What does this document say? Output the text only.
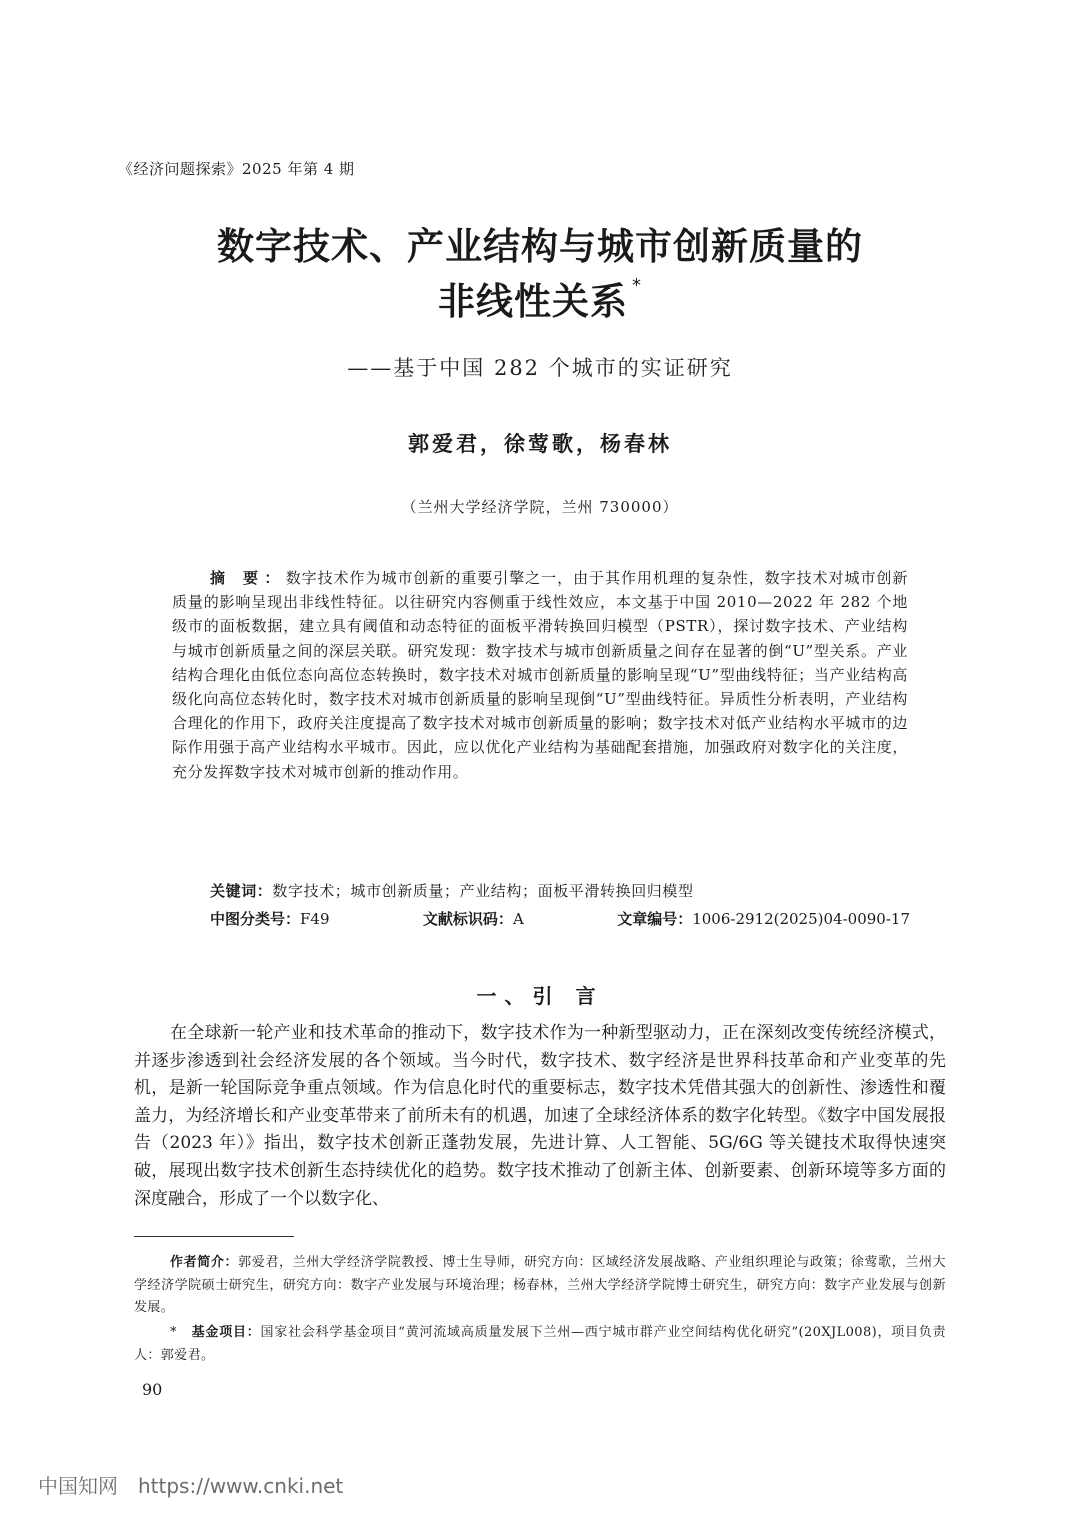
《经济问题探索》2025 年第 4 期
数字技术、产业结构与城市创新质量的
非线性关系 *
——基于中国 282 个城市的实证研究
郭爱君，徐莺歌，杨春林
（兰州大学经济学院，兰州 730000）
摘 要：数字技术作为城市创新的重要引擎之一，由于其作用机理的复杂性，数字技术对城市创新质量的影响呈现出非线性特征。以往研究内容侧重于线性效应，本文基于中国 2010—2022 年 282 个地级市的面板数据，建立具有阈值和动态特征的面板平滑转换回归模型（PSTR），探讨数字技术、产业结构与城市创新质量之间的深层关联。研究发现：数字技术与城市创新质量之间存在显著的倒“U”型关系。产业结构合理化由低位态向高位态转换时，数字技术对城市创新质量的影响呈现“U”型曲线特征；当产业结构高级化向高位态转化时，数字技术对城市创新质量的影响呈现倒“U”型曲线特征。异质性分析表明，产业结构合理化的作用下，政府关注度提高了数字技术对城市创新质量的影响；数字技术对低产业结构水平城市的边际作用强于高产业结构水平城市。因此，应以优化产业结构为基础配套措施，加强政府对数字化的关注度，充分发挥数字技术对城市创新的推动作用。
关键词：数字技术；城市创新质量；产业结构；面板平滑转换回归模型
中图分类号：F49	文献标识码：A	文章编号：1006-2912(2025)04-0090-17
一、引 言
在全球新一轮产业和技术革命的推动下，数字技术作为一种新型驱动力，正在深刻改变传统经济模式，并逐步渗透到社会经济发展的各个领域。当今时代，数字技术、数字经济是世界科技革命和产业变革的先机，是新一轮国际竞争重点领域。作为信息化时代的重要标志，数字技术凭借其强大的创新性、渗透性和覆盖力，为经济增长和产业变革带来了前所未有的机遇，加速了全球经济体系的数字化转型。《数字中国发展报告（2023 年）》指出，数字技术创新正蓬勃发展，先进计算、人工智能、5G/6G 等关键技术取得快速突破，展现出数字技术创新生态持续优化的趋势。数字技术推动了创新主体、创新要素、创新环境等多方面的深度融合，形成了一个以数字化、
作者简介：郭爱君，兰州大学经济学院教授、博士生导师，研究方向：区域经济发展战略、产业组织理论与政策；徐莺歌，兰州大学经济学院硕士研究生，研究方向：数字产业发展与环境治理；杨春林，兰州大学经济学院博士研究生，研究方向：数字产业发展与创新发展。
* 基金项目：国家社会科学基金项目“黄河流域高质量发展下兰州—西宁城市群产业空间结构优化研究”(20XJL008)，项目负责人：郭爱君。
90
中国知网 https://www.cnki.net
